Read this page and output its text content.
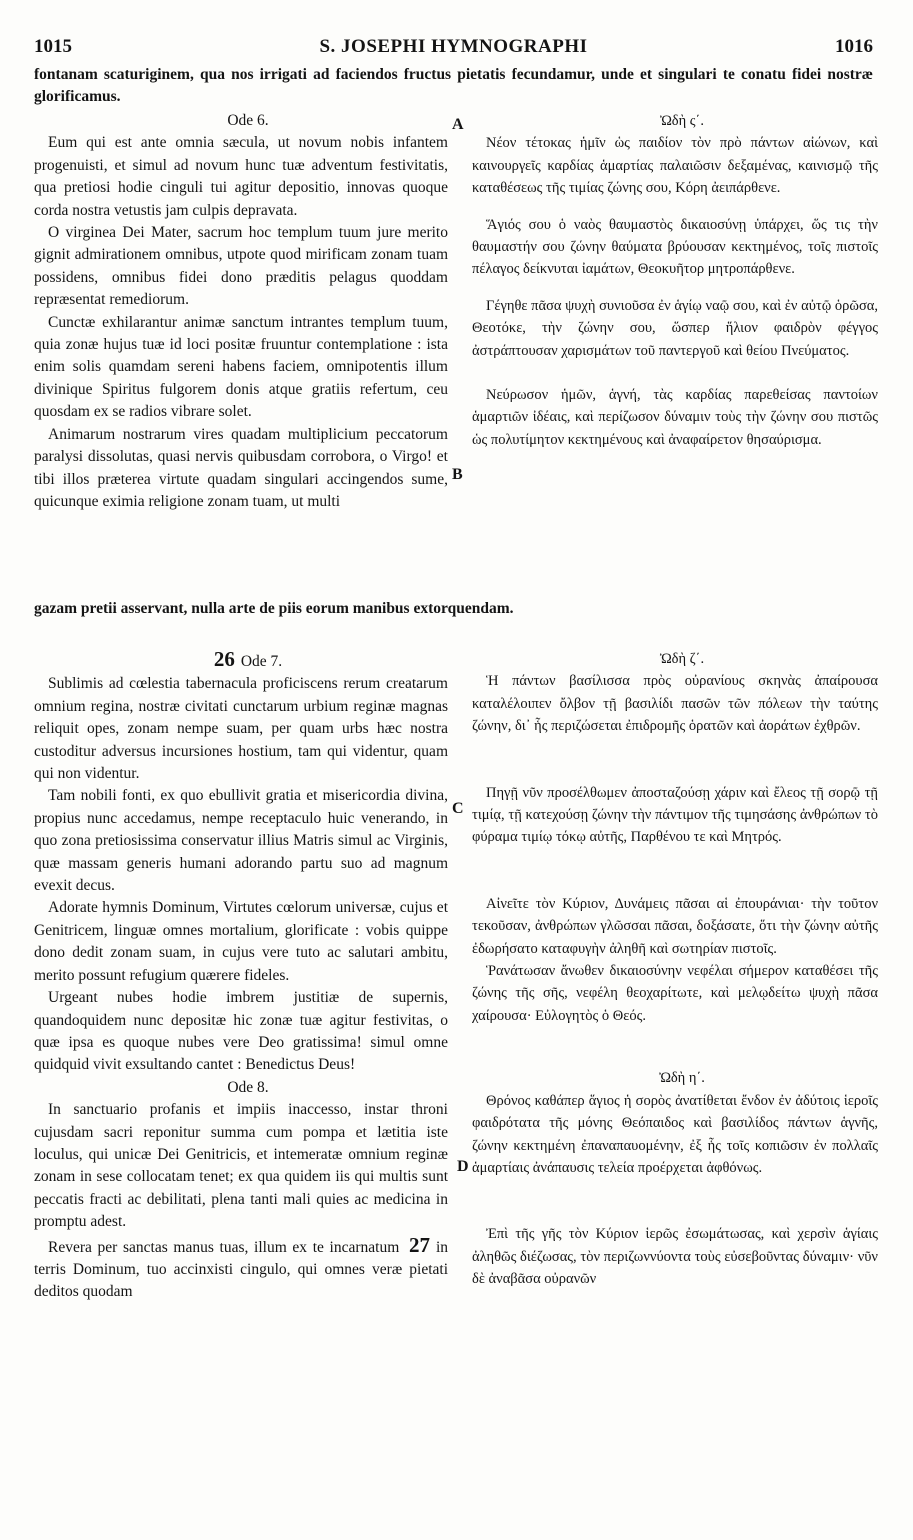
1015	S. JOSEPHI HYMNOGRAPHI	1016
fontanam scaturiginem, qua nos irrigati ad faciendos fructus pietatis fecundamur, unde et singulari te conatu fidei nostræ glorificamus.
A
B
C
D

Ode 6.

Eum qui est ante omnia sæcula, ut novum nobis infantem progenuisti, et simul ad novum hunc tuæ adventum festivitatis, qua pretiosi hodie cinguli tui agitur depositio, innovas quoque corda nostra vetustis jam culpis depravata.

O virginea Dei Mater, sacrum hoc templum tuum jure merito gignit admirationem omnibus, utpote quod mirificam zonam tuam possidens, omnibus fidei dono præditis pelagus quoddam repræsentat remediorum.

Cunctæ exhilarantur animæ sanctum intrantes templum tuum, quia zonæ hujus tuæ id loci positæ fruuntur contemplatione : ista enim solis quamdam sereni habens faciem, omnipotentis illum divinique Spiritus fulgorem donis atque gratiis refertum, ceu quosdam ex se radios vibrare solet.

Animarum nostrarum vires quadam multiplicium peccatorum paralysi dissolutas, quasi nervis quibusdam corrobora, o Virgo! et tibi illos præterea virtute quadam singulari accingendos sume, quicunque eximia religione zonam tuam, ut multi

gazam pretii asservant, nulla arte de piis eorum manibus extorquendam.

26 Ode 7.

Sublimis ad cœlestia tabernacula proficiscens rerum creatarum omnium regina, nostræ civitati cunctarum urbium reginæ magnas reliquit opes, zonam nempe suam, per quam urbs hæc nostra custoditur adversus incursiones hostium, tam qui videntur, quam qui non videntur.

Tam nobili fonti, ex quo ebullivit gratia et misericordia divina, propius nunc accedamus, nempe receptaculo huic venerando, in quo zona pretiosissima conservatur illius Matris simul ac Virginis, quæ massam generis humani adorando partu suo ad magnum evexit decus.

Adorate hymnis Dominum, Virtutes cœlorum universæ, cujus et Genitricem, linguæ omnes mortalium, glorificate : vobis quippe dono dedit zonam suam, in cujus vere tuto ac salutari ambitu, merito possunt refugium quærere fideles.

Urgeant nubes hodie imbrem justitiæ de supernis, quandoquidem nunc depositæ hic zonæ tuæ agitur festivitas, o quæ ipsa es quoque nubes vere Deo gratissima! simul omne quidquid vivit exsultando cantet : Benedictus Deus!

Ode 8.

In sanctuario profanis et impiis inaccesso, instar throni cujusdam sacri reponitur summa cum pompa et lætitia iste loculus, qui unicæ Dei Genitricis, et intemeratæ omnium reginæ zonam in sese collocatam tenet; ex qua quidem iis qui multis sunt peccatis fracti ac debilitati, plena tanti mali quies ac medicina in promptu adest.

Revera per sanctas manus tuas, illum ex te incarnatum 27 in terris Dominum, tuo accinxisti cingulo, qui omnes veræ pietati deditos quodam

Ὠδὴ ς΄.

Νέον τέτοκας ἡμῖν ὡς παιδίον τὸν πρὸ πάντων αἰώνων, καὶ καινουργεῖς καρδίας ἁμαρτίας παλαιῶσιν δεξαμένας, καινισμῷ τῆς καταθέσεως τῆς τιμίας ζώνης σου, Κόρη ἀειπάρθενε.

Ἅγιός σου ὁ ναὸς θαυμαστὸς δικαιοσύνῃ ὑπάρχει, ὥς τις τὴν θαυμαστήν σου ζώνην θαύματα βρύουσαν κεκτημένος, τοῖς πιστοῖς πέλαγος δείκνυται ἰαμάτων, Θεοκυῆτορ μητροπάρθενε.

Γέγηθε πᾶσα ψυχὴ συνιοῦσα ἐν ἁγίῳ ναῷ σου, καὶ ἐν αὐτῷ ὁρῶσα, Θεοτόκε, τὴν ζώνην σου, ὥσπερ ἥλιον φαιδρὸν φέγγος ἀστράπτουσαν χαρισμάτων τοῦ παντεργοῦ καὶ θείου Πνεύματος.

Νεύρωσον ἡμῶν, ἁγνή, τὰς καρδίας παρεθείσας παντοίων ἁμαρτιῶν ἰδέαις, καὶ περίζωσον δύναμιν τοὺς τὴν ζώνην σου πιστῶς ὡς πολυτίμητον κεκτημένους καὶ ἀναφαίρετον θησαύρισμα.

Ὠδὴ ζ΄.

Ἡ πάντων βασίλισσα πρὸς οὐρανίους σκηνὰς ἀπαίρουσα καταλέλοιπεν ὄλβον τῇ βασιλίδι πασῶν τῶν πόλεων τὴν ταύτης ζώνην, δι᾽ ἧς περιζώσεται ἐπιδρομῆς ὁρατῶν καὶ ἀοράτων ἐχθρῶν.

Πηγῇ νῦν προσέλθωμεν ἀποσταζούσῃ χάριν καὶ ἔλεος τῇ σορῷ τῇ τιμίᾳ, τῇ κατεχούσῃ ζώνην τὴν πάντιμον τῆς τιμησάσης ἀνθρώπων τὸ φύραμα τιμίῳ τόκῳ αὐτῆς, Παρθένου τε καὶ Μητρός.

Αἰνεῖτε τὸν Κύριον, Δυνάμεις πᾶσαι αἱ ἐπουράνιαι· τὴν τοῦτον τεκοῦσαν, ἀνθρώπων γλῶσσαι πᾶσαι, δοξάσατε, ὅτι τὴν ζώνην αὐτῆς ἐδωρήσατο καταφυγὴν ἀληθῆ καὶ σωτηρίαν πιστοῖς.

Ῥανάτωσαν ἄνωθεν δικαιοσύνην νεφέλαι σήμερον καταθέσει τῆς ζώνης τῆς σῆς, νεφέλη θεοχαρίτωτε, καὶ μελῳδείτω ψυχὴ πᾶσα χαίρουσα· Εὐλογητὸς ὁ Θεός.

Ὠδὴ η΄.

Θρόνος καθάπερ ἅγιος ἡ σορὸς ἀνατίθεται ἔνδον ἐν ἀδύτοις ἱεροῖς φαιδρότατα τῆς μόνης Θεόπαιδος καὶ βασιλίδος πάντων ἁγνῆς, ζώνην κεκτημένη ἐπαναπαυομένην, ἐξ ἧς τοῖς κοπιῶσιν ἐν πολλαῖς ἁμαρτίαις ἀνάπαυσις τελεία προέρχεται ἀφθόνως.

Ἐπὶ τῆς γῆς τὸν Κύριον ἱερῶς ἐσωμάτωσας, καὶ χερσὶν ἁγίαις ἀληθῶς διέζωσας, τὸν περιζωννύοντα τοὺς εὐσεβοῦντας δύναμιν· νῦν δὲ ἀναβᾶσα οὐρανῶν
